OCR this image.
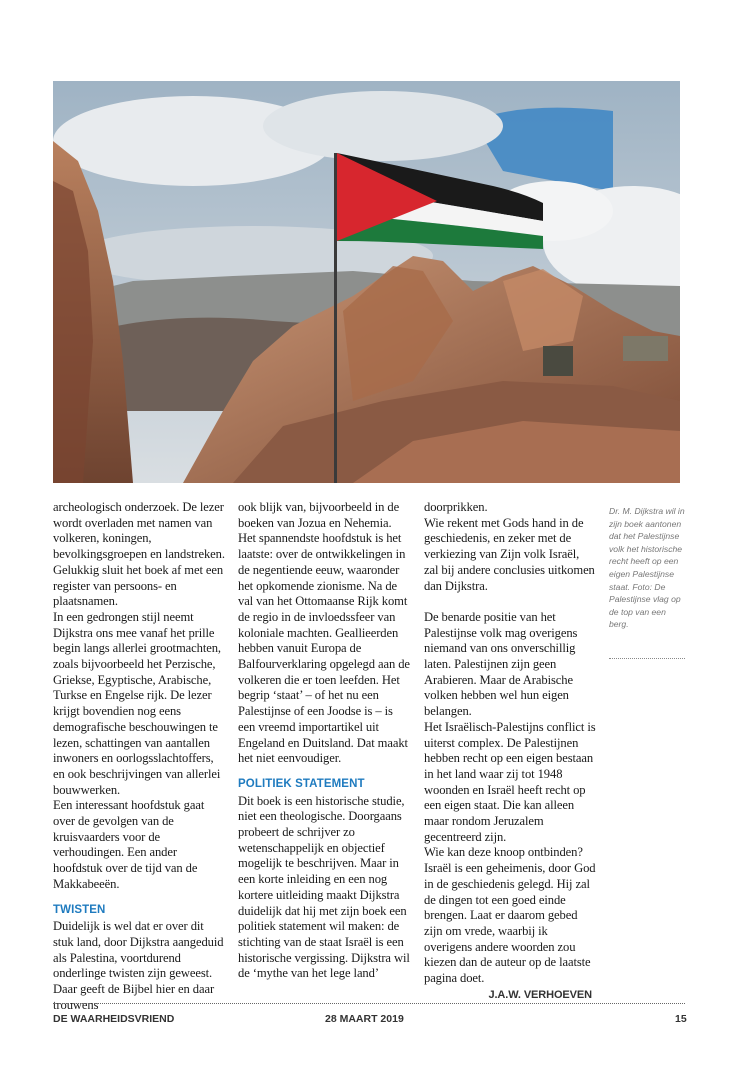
archeologisch onderzoek. De lezer wordt overladen met namen van volkeren, koningen, bevolkingsgroepen en landstreken. Gelukkig sluit het boek af met een register van persoons- en plaatsnamen.

In een gedrongen stijl neemt Dijkstra ons mee vanaf het prille begin langs allerlei grootmachten, zoals bijvoorbeeld het Perzische, Griekse, Egyptische, Arabische, Turkse en Engelse rijk. De lezer krijgt bovendien nog eens demografische beschouwingen te lezen, schattingen van aantallen inwoners en oorlogsslachtoffers, en ook beschrijvingen van allerlei bouwwerken.

Een interessant hoofdstuk gaat over de gevolgen van de kruisvaarders voor de verhoudingen. Een ander hoofdstuk over de tijd van de Makkabeeën.

TWISTEN

Duidelijk is wel dat er over dit stuk land, door Dijkstra aangeduid als Palestina, voortdurend onderlinge twisten zijn geweest. Daar geeft de Bijbel hier en daar trouwens

ook blijk van, bijvoorbeeld in de boeken van Jozua en Nehemia.

Het spannendste hoofdstuk is het laatste: over de ontwikkelingen in de negentiende eeuw, waaronder het opkomende zionisme. Na de val van het Ottomaanse Rijk komt de regio in de invloedssfeer van koloniale machten. Geallieerden hebben vanuit Europa de Balfourverklaring opgelegd aan de volkeren die er toen leefden. Het begrip ‘staat’ – of het nu een Palestijnse of een Joodse is – is een vreemd importartikel uit Engeland en Duitsland. Dat maakt het niet eenvoudiger.

POLITIEK STATEMENT

Dit boek is een historische studie, niet een theologische. Doorgaans probeert de schrijver zo wetenschappelijk en objectief mogelijk te beschrijven. Maar in een korte inleiding en een nog kortere uitleiding maakt Dijkstra duidelijk dat hij met zijn boek een politiek statement wil maken: de stichting van de staat Israël is een historische vergissing. Dijkstra wil de ‘mythe van het lege land’

doorprikken.

Wie rekent met Gods hand in de geschiedenis, en zeker met de verkiezing van Zijn volk Israël, zal bij andere conclusies uitkomen dan Dijkstra.

De benarde positie van het Palestijnse volk mag overigens niemand van ons onverschillig laten. Palestijnen zijn geen Arabieren. Maar de Arabische volken hebben wel hun eigen belangen.

Het Israëlisch-Palestijns conflict is uiterst complex. De Palestijnen hebben recht op een eigen bestaan in het land waar zij tot 1948 woonden en Israël heeft recht op een eigen staat. Die kan alleen maar rondom Jeruzalem gecentreerd zijn.

Wie kan deze knoop ontbinden? Israël is een geheimenis, door God in de geschiedenis gelegd. Hij zal de dingen tot een goed einde brengen. Laat er daarom gebed zijn om vrede, waarbij ik overigens andere woorden zou kiezen dan de auteur op de laatste pagina doet.

J.A.W. VERHOEVEN
Dr. M. Dijkstra wil in zijn boek aantonen dat het Palestijnse volk het historische recht heeft op een eigen Palestijnse staat. Foto: De Palestijnse vlag op de top van een berg.
DE WAARHEIDSVRIEND	28 MAART 2019	15
